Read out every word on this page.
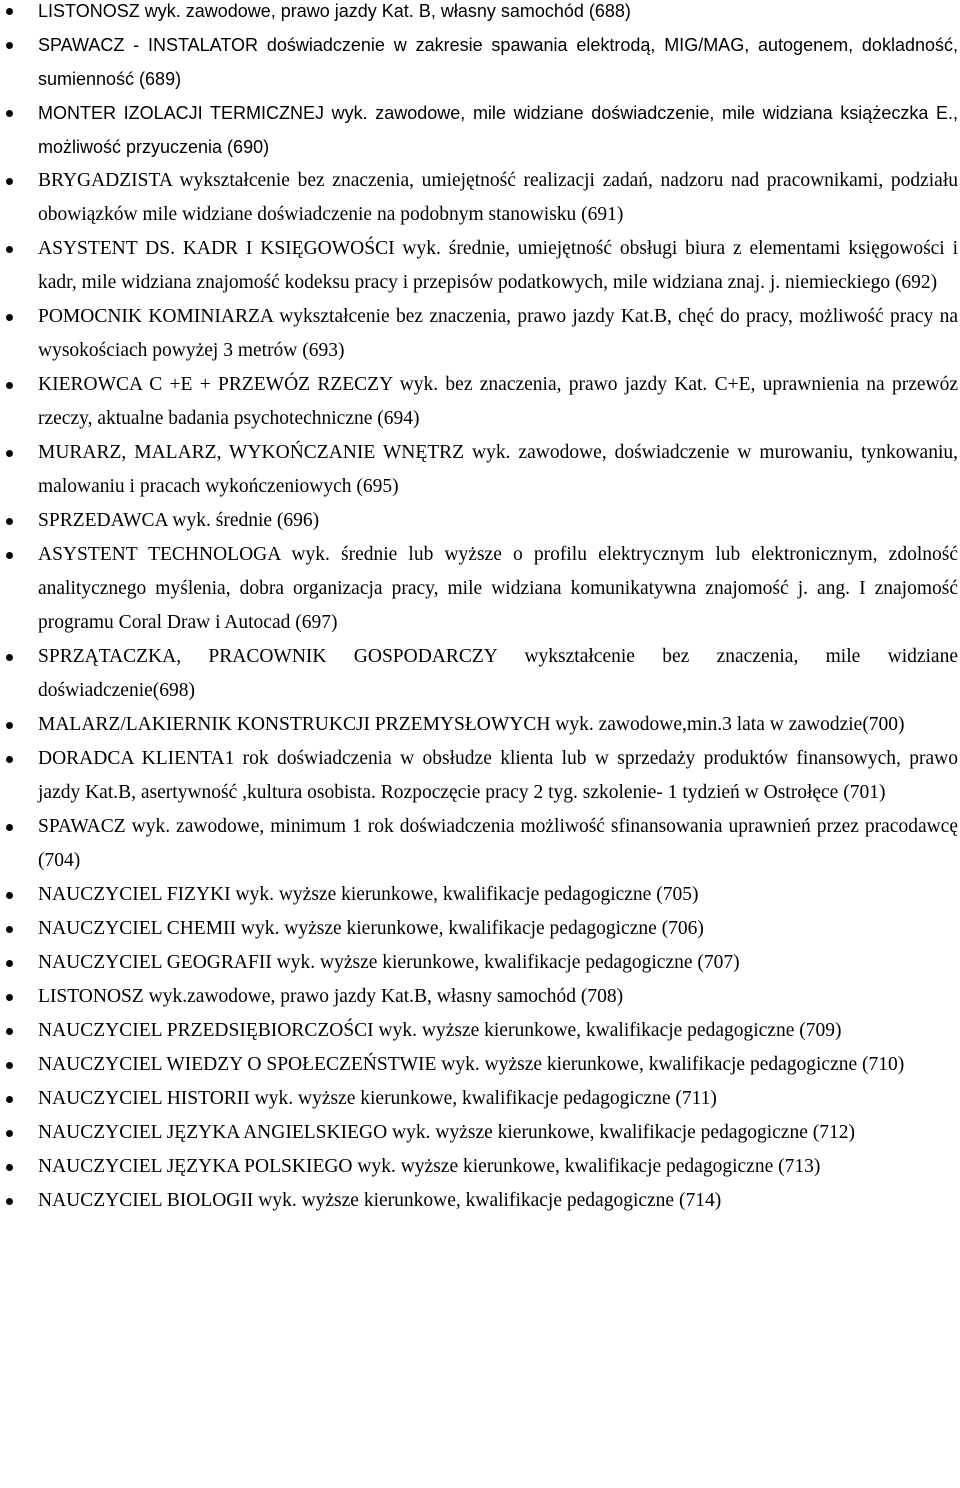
LISTONOSZ wyk. zawodowe, prawo jazdy Kat. B, własny samochód (688)
SPAWACZ - INSTALATOR doświadczenie w zakresie spawania elektrodą, MIG/MAG, autogenem, dokladność, sumienność (689)
MONTER IZOLACJI TERMICZNEJ wyk. zawodowe, mile widziane doświadczenie, mile widziana książeczka E., możliwość przyuczenia (690)
BRYGADZISTA wykształcenie bez znaczenia, umiejętność realizacji zadań, nadzoru nad pracownikami, podziału obowiązków mile widziane doświadczenie na podobnym stanowisku (691)
ASYSTENT DS. KADR I KSIĘGOWOŚCI wyk. średnie, umiejętność obsługi biura z elementami księgowości i kadr, mile widziana znajomość kodeksu pracy i przepisów podatkowych, mile widziana znaj. j. niemieckiego (692)
POMOCNIK KOMINIARZA wykształcenie bez znaczenia, prawo jazdy Kat.B, chęć do pracy, możliwość pracy na wysokościach powyżej 3 metrów (693)
KIEROWCA C +E + PRZEWÓZ RZECZY wyk. bez znaczenia, prawo jazdy Kat. C+E, uprawnienia na przewóz rzeczy, aktualne badania psychotechniczne (694)
MURARZ, MALARZ, WYKOŃCZANIE WNĘTRZ wyk. zawodowe, doświadczenie w murowaniu, tynkowaniu, malowaniu i pracach wykończeniowych (695)
SPRZEDAWCA wyk. średnie (696)
ASYSTENT TECHNOLOGA wyk. średnie lub wyższe o profilu elektrycznym lub elektronicznym, zdolność analitycznego myślenia, dobra organizacja pracy, mile widziana komunikatywna znajomość j. ang. I znajomość programu Coral Draw i Autocad (697)
SPRZĄTACZKA, PRACOWNIK GOSPODARCZY wykształcenie bez znaczenia, mile widziane doświadczenie(698)
MALARZ/LAKIERNIK KONSTRUKCJI PRZEMYSŁOWYCH wyk. zawodowe,min.3 lata w zawodzie(700)
DORADCA KLIENTA1 rok doświadczenia w obsłudze klienta lub w sprzedaży produktów finansowych, prawo jazdy Kat.B, asertywność ,kultura osobista. Rozpoczęcie pracy 2 tyg. szkolenie- 1 tydzień w Ostrołęce (701)
SPAWACZ wyk. zawodowe, minimum 1 rok doświadczenia możliwość sfinansowania uprawnień przez pracodawcę (704)
NAUCZYCIEL FIZYKI wyk. wyższe kierunkowe, kwalifikacje pedagogiczne (705)
NAUCZYCIEL CHEMII wyk. wyższe kierunkowe, kwalifikacje pedagogiczne (706)
NAUCZYCIEL GEOGRAFII wyk. wyższe kierunkowe, kwalifikacje pedagogiczne (707)
LISTONOSZ wyk.zawodowe, prawo jazdy Kat.B, własny samochód (708)
NAUCZYCIEL PRZEDSIĘBIORCZOŚCI wyk. wyższe kierunkowe, kwalifikacje pedagogiczne (709)
NAUCZYCIEL WIEDZY O SPOŁECZEŃSTWIE wyk. wyższe kierunkowe, kwalifikacje pedagogiczne (710)
NAUCZYCIEL HISTORII wyk. wyższe kierunkowe, kwalifikacje pedagogiczne (711)
NAUCZYCIEL JĘZYKA ANGIELSKIEGO wyk. wyższe kierunkowe, kwalifikacje pedagogiczne (712)
NAUCZYCIEL JĘZYKA POLSKIEGO wyk. wyższe kierunkowe, kwalifikacje pedagogiczne (713)
NAUCZYCIEL BIOLOGII wyk. wyższe kierunkowe, kwalifikacje pedagogiczne (714)
